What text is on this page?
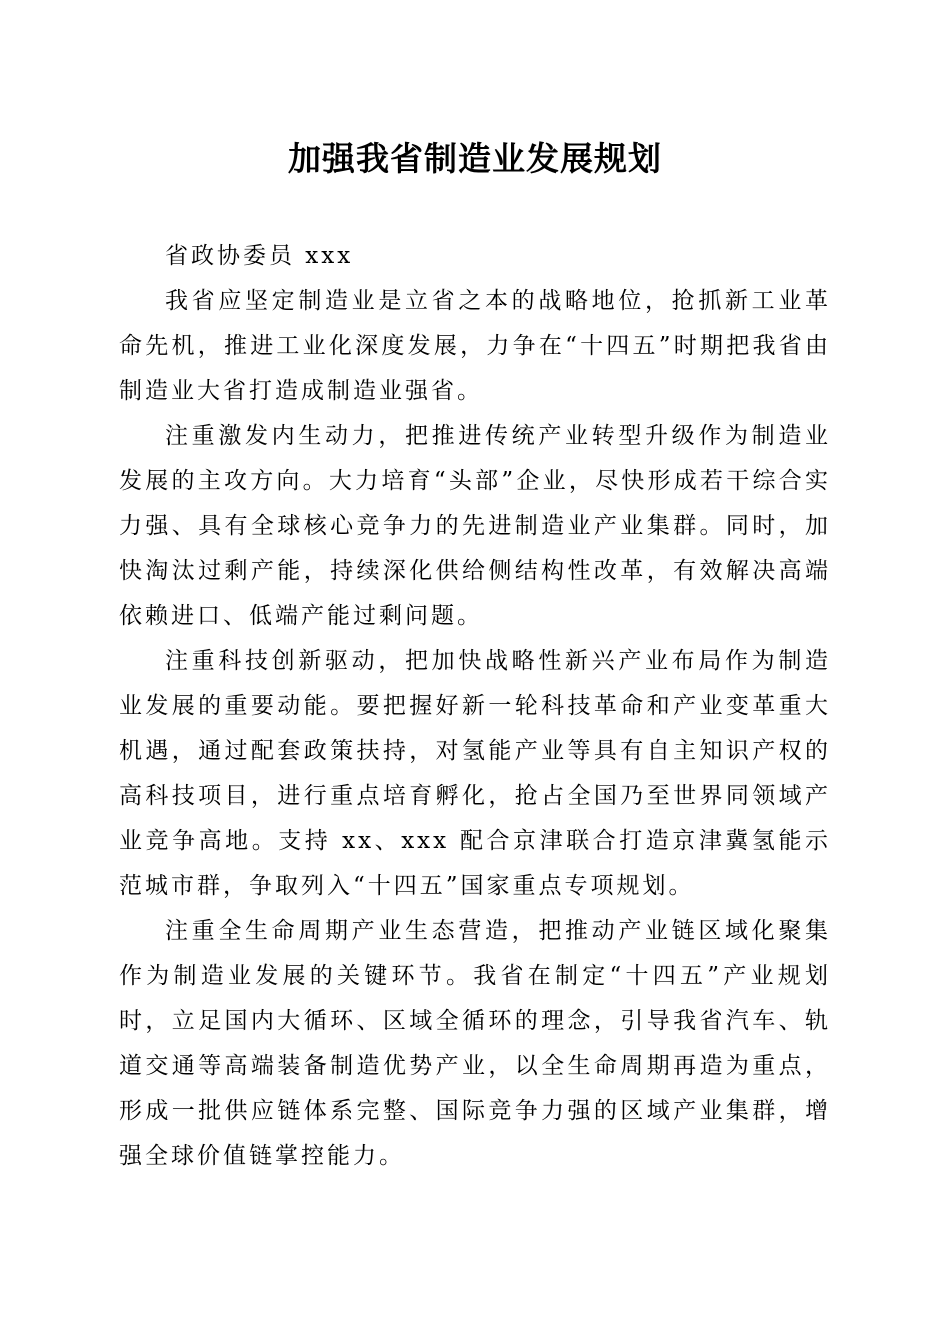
加强我省制造业发展规划

省政协委员 xxx

我省应坚定制造业是立省之本的战略地位，抢抓新工业革命先机，推进工业化深度发展，力争在“十四五”时期把我省由制造业大省打造成制造业强省。

注重激发内生动力，把推进传统产业转型升级作为制造业发展的主攻方向。大力培育“头部”企业，尽快形成若干综合实力强、具有全球核心竞争力的先进制造业产业集群。同时，加快淘汰过剩产能，持续深化供给侧结构性改革，有效解决高端依赖进口、低端产能过剩问题。

注重科技创新驱动，把加快战略性新兴产业布局作为制造业发展的重要动能。要把握好新一轮科技革命和产业变革重大机遇，通过配套政策扶持，对氢能产业等具有自主知识产权的高科技项目，进行重点培育孵化，抢占全国乃至世界同领域产业竞争高地。支持 xx、xxx 配合京津联合打造京津冀氢能示范城市群，争取列入“十四五”国家重点专项规划。

注重全生命周期产业生态营造，把推动产业链区域化聚集作为制造业发展的关键环节。我省在制定“十四五”产业规划时，立足国内大循环、区域全循环的理念，引导我省汽车、轨道交通等高端装备制造优势产业，以全生命周期再造为重点，形成一批供应链体系完整、国际竞争力强的区域产业集群，增强全球价值链掌控能力。
